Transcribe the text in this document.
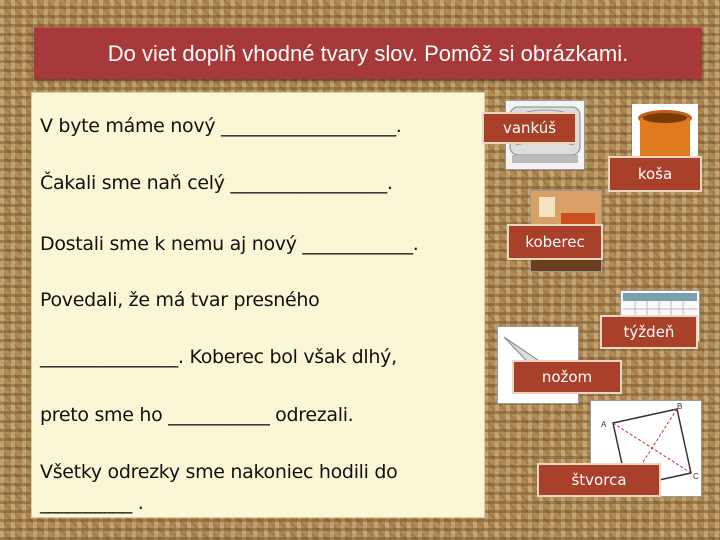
Do viet doplň vhodné tvary slov. Pomôž si obrázkami.
V byte máme nový ___________________.
Čakali sme naň celý _________________.
Dostali sme k nemu aj nový ____________.
Povedali, že má tvar presného
_______________. Koberec bol však dlhý,
preto sme ho ___________ odrezali.
Všetky odrezky sme nakoniec hodili do
__________ .
vankúš
koša
koberec
týždeň
nožom
A
B
C
štvorca
